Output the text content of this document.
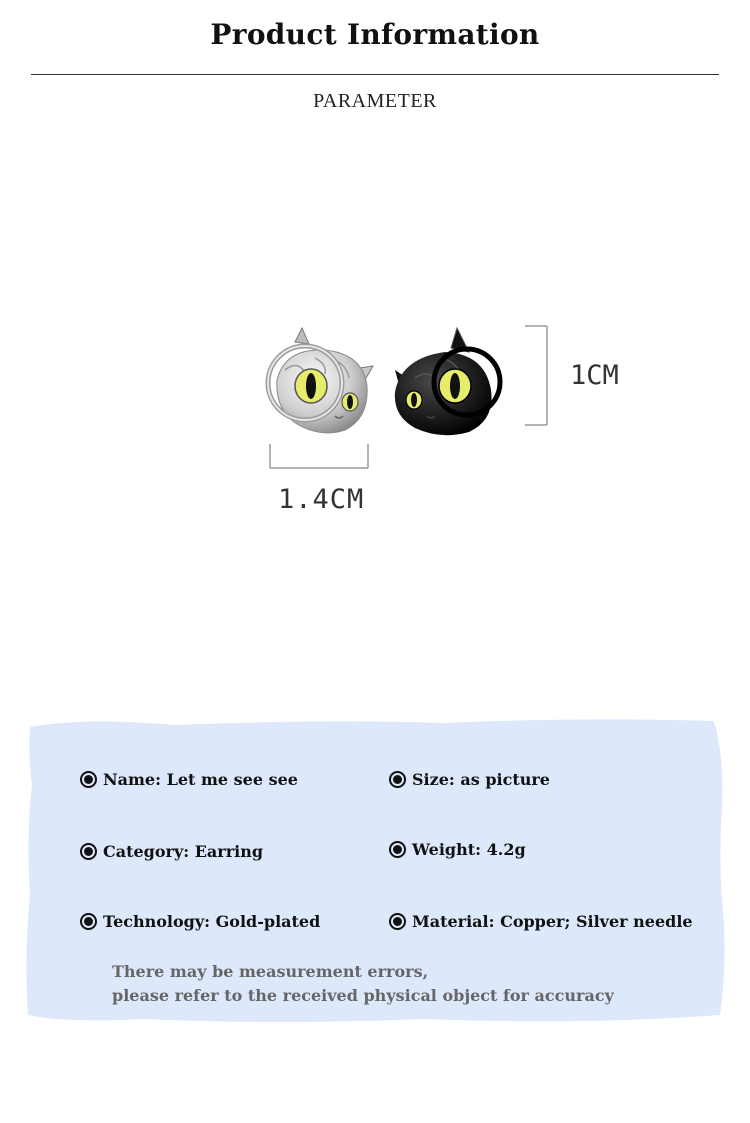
Product Information
PARAMETER
1CM
1.4CM
Name: Let me see see	Size: as picture
Category: Earring	Weight: 4.2g
Technology: Gold-plated	Material: Copper; Silver needle
There may be measurement errors,
please refer to the received physical object for accuracy
